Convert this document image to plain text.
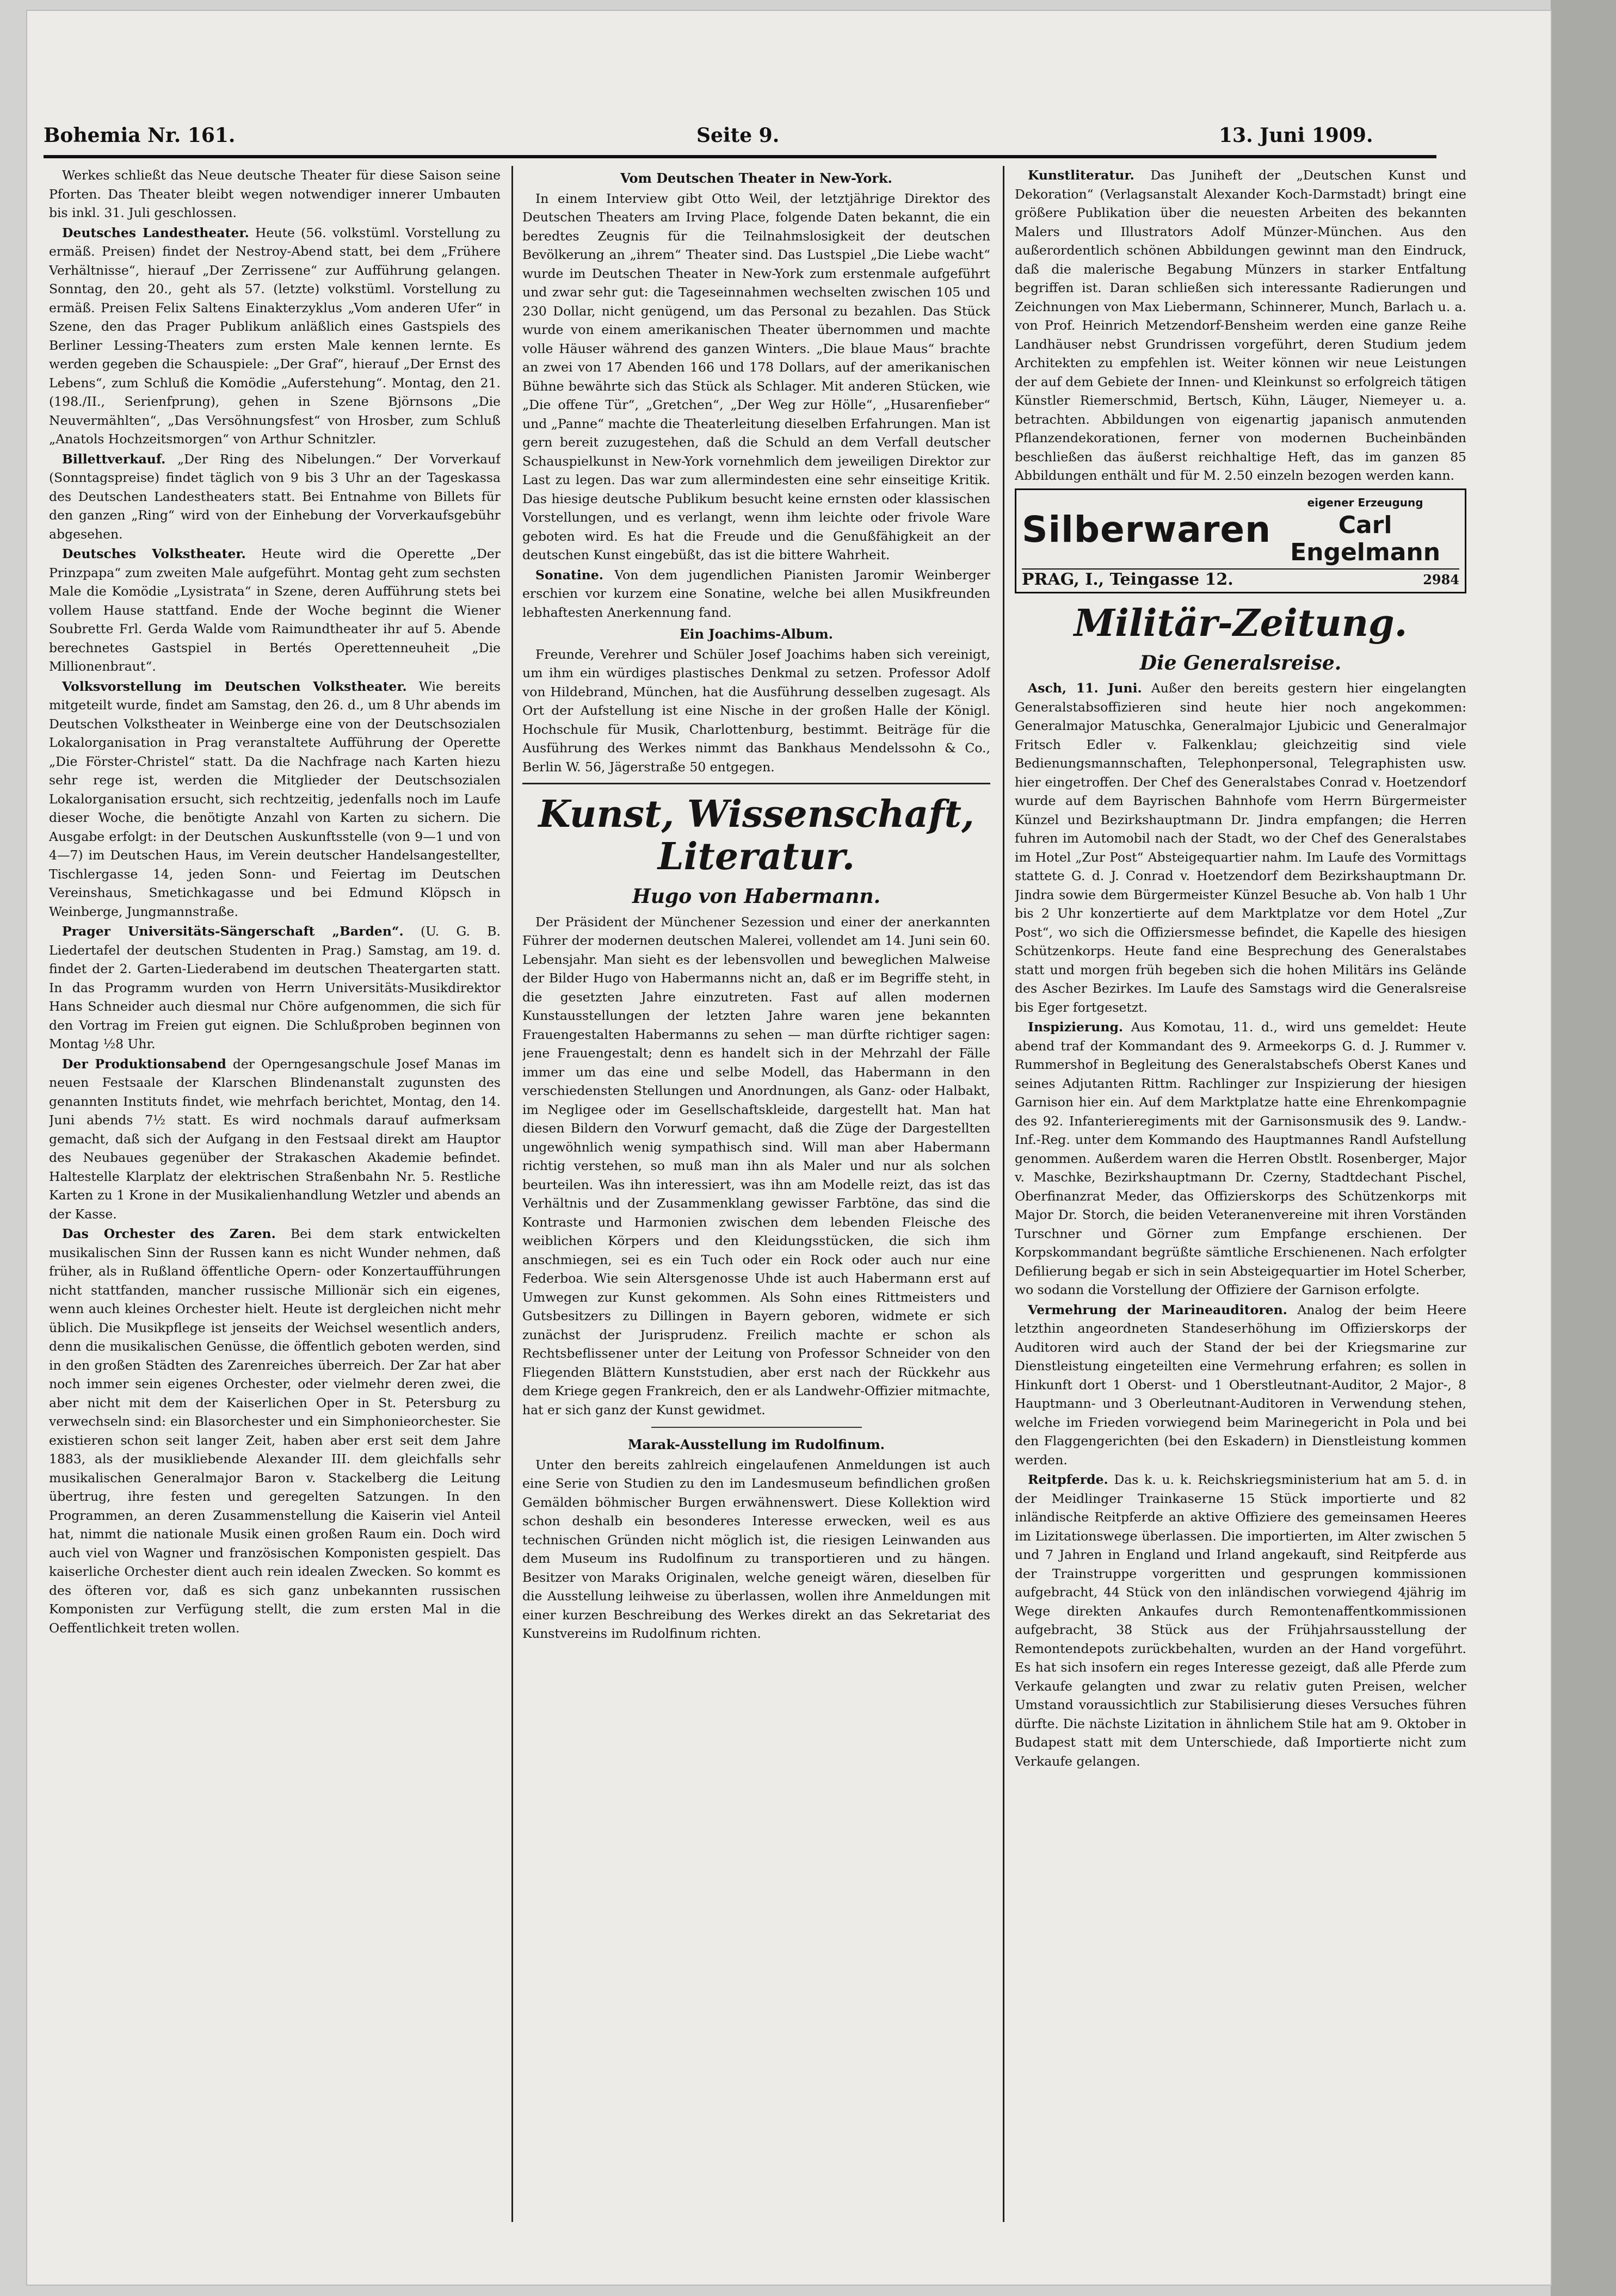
Bohemia Nr. 161.	Seite 9.	13. Juni 1909.

Werkes schließt das Neue deutsche Theater für diese Saison seine Pforten. Das Theater bleibt wegen notwendiger innerer Umbauten bis inkl. 31. Juli geschlossen.

Deutsches Landestheater. Heute (56. volkstüml. Vorstellung zu ermäß. Preisen) findet der Nestroy-Abend statt, bei dem „Frühere Verhältnisse“, hierauf „Der Zerrissene“ zur Aufführung gelangen. Sonntag, den 20., geht als 57. (letzte) volkstüml. Vorstellung zu ermäß. Preisen Felix Saltens Einakterzyklus „Vom anderen Ufer“ in Szene, den das Prager Publikum anläßlich eines Gastspiels des Berliner Lessing-Theaters zum ersten Male kennen lernte. Es werden gegeben die Schauspiele: „Der Graf“, hierauf „Der Ernst des Lebens“, zum Schluß die Komödie „Auferstehung“. Montag, den 21. (198./II., Serienfprung), gehen in Szene Björnsons „Die Neuvermählten“, „Das Versöhnungsfest“ von Hrosber, zum Schluß „Anatols Hochzeitsmorgen“ von Arthur Schnitzler.

Billettverkauf. „Der Ring des Nibelungen.“ Der Vorverkauf (Sonntagspreise) findet täglich von 9 bis 3 Uhr an der Tageskassa des Deutschen Landestheaters statt. Bei Entnahme von Billets für den ganzen „Ring“ wird von der Einhebung der Vorverkaufsgebühr abgesehen.

Deutsches Volkstheater. Heute wird die Operette „Der Prinzpapa“ zum zweiten Male aufgeführt. Montag geht zum sechsten Male die Komödie „Lysistrata“ in Szene, deren Aufführung stets bei vollem Hause stattfand. Ende der Woche beginnt die Wiener Soubrette Frl. Gerda Walde vom Raimundtheater ihr auf 5. Abende berechnetes Gastspiel in Bertés Operettenneuheit „Die Millionenbraut“.

Volksvorstellung im Deutschen Volkstheater. Wie bereits mitgeteilt wurde, findet am Samstag, den 26. d., um 8 Uhr abends im Deutschen Volkstheater in Weinberge eine von der Deutschsozialen Lokalorganisation in Prag veranstaltete Aufführung der Operette „Die Förster-Christel“ statt. Da die Nachfrage nach Karten hiezu sehr rege ist, werden die Mitglieder der Deutschsozialen Lokalorganisation ersucht, sich rechtzeitig, jedenfalls noch im Laufe dieser Woche, die benötigte Anzahl von Karten zu sichern. Die Ausgabe erfolgt: in der Deutschen Auskunftsstelle (von 9—1 und von 4—7) im Deutschen Haus, im Verein deutscher Handelsangestellter, Tischlergasse 14, jeden Sonn- und Feiertag im Deutschen Vereinshaus, Smetichkagasse und bei Edmund Klöpsch in Weinberge, Jungmannstraße.

Prager Universitäts-Sängerschaft „Barden“. (U. G. B. Liedertafel der deutschen Studenten in Prag.) Samstag, am 19. d. findet der 2. Garten-Liederabend im deutschen Theatergarten statt. In das Programm wurden von Herrn Universitäts-Musikdirektor Hans Schneider auch diesmal nur Chöre aufgenommen, die sich für den Vortrag im Freien gut eignen. Die Schlußproben beginnen von Montag ½8 Uhr.

Der Produktionsabend der Operngesangschule Josef Manas im neuen Festsaale der Klarschen Blindenanstalt zugunsten des genannten Instituts findet, wie mehrfach berichtet, Montag, den 14. Juni abends 7½ statt. Es wird nochmals darauf aufmerksam gemacht, daß sich der Aufgang in den Festsaal direkt am Hauptor des Neubaues gegenüber der Strakaschen Akademie befindet. Haltestelle Klarplatz der elektrischen Straßenbahn Nr. 5. Restliche Karten zu 1 Krone in der Musikalienhandlung Wetzler und abends an der Kasse.

Das Orchester des Zaren. Bei dem stark entwickelten musikalischen Sinn der Russen kann es nicht Wunder nehmen, daß früher, als in Rußland öffentliche Opern- oder Konzertaufführungen nicht stattfanden, mancher russische Millionär sich ein eigenes, wenn auch kleines Orchester hielt. Heute ist dergleichen nicht mehr üblich. Die Musikpflege ist jenseits der Weichsel wesentlich anders, denn die musikalischen Genüsse, die öffentlich geboten werden, sind in den großen Städten des Zarenreiches überreich. Der Zar hat aber noch immer sein eigenes Orchester, oder vielmehr deren zwei, die aber nicht mit dem der Kaiserlichen Oper in St. Petersburg zu verwechseln sind: ein Blasorchester und ein Simphonieorchester. Sie existieren schon seit langer Zeit, haben aber erst seit dem Jahre 1883, als der musikliebende Alexander III. dem gleichfalls sehr musikalischen Generalmajor Baron v. Stackelberg die Leitung übertrug, ihre festen und geregelten Satzungen. In den Programmen, an deren Zusammenstellung die Kaiserin viel Anteil hat, nimmt die nationale Musik einen großen Raum ein. Doch wird auch viel von Wagner und französischen Komponisten gespielt. Das kaiserliche Orchester dient auch rein idealen Zwecken. So kommt es des öfteren vor, daß es sich ganz unbekannten russischen Komponisten zur Verfügung stellt, die zum ersten Mal in die Oeffentlichkeit treten wollen.

Vom Deutschen Theater in New-York.

In einem Interview gibt Otto Weil, der letztjährige Direktor des Deutschen Theaters am Irving Place, folgende Daten bekannt, die ein beredtes Zeugnis für die Teilnahmslosigkeit der deutschen Bevölkerung an „ihrem“ Theater sind. Das Lustspiel „Die Liebe wacht“ wurde im Deutschen Theater in New-York zum erstenmale aufgeführt und zwar sehr gut: die Tageseinnahmen wechselten zwischen 105 und 230 Dollar, nicht genügend, um das Personal zu bezahlen. Das Stück wurde von einem amerikanischen Theater übernommen und machte volle Häuser während des ganzen Winters. „Die blaue Maus“ brachte an zwei von 17 Abenden 166 und 178 Dollars, auf der amerikanischen Bühne bewährte sich das Stück als Schlager. Mit anderen Stücken, wie „Die offene Tür“, „Gretchen“, „Der Weg zur Hölle“, „Husarenfieber“ und „Panne“ machte die Theaterleitung dieselben Erfahrungen. Man ist gern bereit zuzugestehen, daß die Schuld an dem Verfall deutscher Schauspielkunst in New-York vornehmlich dem jeweiligen Direktor zur Last zu legen. Das war zum allermindesten eine sehr einseitige Kritik. Das hiesige deutsche Publikum besucht keine ernsten oder klassischen Vorstellungen, und es verlangt, wenn ihm leichte oder frivole Ware geboten wird. Es hat die Freude und die Genußfähigkeit an der deutschen Kunst eingebüßt, das ist die bittere Wahrheit.

Sonatine. Von dem jugendlichen Pianisten Jaromir Weinberger erschien vor kurzem eine Sonatine, welche bei allen Musikfreunden lebhaftesten Anerkennung fand.

Ein Joachims-Album.

Freunde, Verehrer und Schüler Josef Joachims haben sich vereinigt, um ihm ein würdiges plastisches Denkmal zu setzen. Professor Adolf von Hildebrand, München, hat die Ausführung desselben zugesagt. Als Ort der Aufstellung ist eine Nische in der großen Halle der Königl. Hochschule für Musik, Charlottenburg, bestimmt. Beiträge für die Ausführung des Werkes nimmt das Bankhaus Mendelssohn & Co., Berlin W. 56, Jägerstraße 50 entgegen.

Kunst, Wissenschaft, Literatur.
Hugo von Habermann.

Der Präsident der Münchener Sezession und einer der anerkannten Führer der modernen deutschen Malerei, vollendet am 14. Juni sein 60. Lebensjahr. Man sieht es der lebensvollen und beweglichen Malweise der Bilder Hugo von Habermanns nicht an, daß er im Begriffe steht, in die gesetzten Jahre einzutreten. Fast auf allen modernen Kunstausstellungen der letzten Jahre waren jene bekannten Frauengestalten Habermanns zu sehen — man dürfte richtiger sagen: jene Frauengestalt; denn es handelt sich in der Mehrzahl der Fälle immer um das eine und selbe Modell, das Habermann in den verschiedensten Stellungen und Anordnungen, als Ganz- oder Halbakt, im Negligee oder im Gesellschaftskleide, dargestellt hat. Man hat diesen Bildern den Vorwurf gemacht, daß die Züge der Dargestellten ungewöhnlich wenig sympathisch sind. Will man aber Habermann richtig verstehen, so muß man ihn als Maler und nur als solchen beurteilen. Was ihn interessiert, was ihn am Modelle reizt, das ist das Verhältnis und der Zusammenklang gewisser Farbtöne, das sind die Kontraste und Harmonien zwischen dem lebenden Fleische des weiblichen Körpers und den Kleidungsstücken, die sich ihm anschmiegen, sei es ein Tuch oder ein Rock oder auch nur eine Federboa. Wie sein Altersgenosse Uhde ist auch Habermann erst auf Umwegen zur Kunst gekommen. Als Sohn eines Rittmeisters und Gutsbesitzers zu Dillingen in Bayern geboren, widmete er sich zunächst der Jurisprudenz. Freilich machte er schon als Rechtsbeflissener unter der Leitung von Professor Schneider von den Fliegenden Blättern Kunststudien, aber erst nach der Rückkehr aus dem Kriege gegen Frankreich, den er als Landwehr-Offizier mitmachte, hat er sich ganz der Kunst gewidmet.

Marak-Ausstellung im Rudolfinum.

Unter den bereits zahlreich eingelaufenen Anmeldungen ist auch eine Serie von Studien zu den im Landesmuseum befindlichen großen Gemälden böhmischer Burgen erwähnenswert. Diese Kollektion wird schon deshalb ein besonderes Interesse erwecken, weil es aus technischen Gründen nicht möglich ist, die riesigen Leinwanden aus dem Museum ins Rudolfinum zu transportieren und zu hängen. Besitzer von Maraks Originalen, welche geneigt wären, dieselben für die Ausstellung leihweise zu überlassen, wollen ihre Anmeldungen mit einer kurzen Beschreibung des Werkes direkt an das Sekretariat des Kunstvereins im Rudolfinum richten.

Kunstliteratur. Das Juniheft der „Deutschen Kunst und Dekoration“ (Verlagsanstalt Alexander Koch-Darmstadt) bringt eine größere Publikation über die neuesten Arbeiten des bekannten Malers und Illustrators Adolf Münzer-München. Aus den außerordentlich schönen Abbildungen gewinnt man den Eindruck, daß die malerische Begabung Münzers in starker Entfaltung begriffen ist. Daran schließen sich interessante Radierungen und Zeichnungen von Max Liebermann, Schinnerer, Munch, Barlach u. a. von Prof. Heinrich Metzendorf-Bensheim werden eine ganze Reihe Landhäuser nebst Grundrissen vorgeführt, deren Studium jedem Architekten zu empfehlen ist. Weiter können wir neue Leistungen der auf dem Gebiete der Innen- und Kleinkunst so erfolgreich tätigen Künstler Riemerschmid, Bertsch, Kühn, Läuger, Niemeyer u. a. betrachten. Abbildungen von eigenartig japanisch anmutenden Pflanzendekorationen, ferner von modernen Bucheinbänden beschließen das äußerst reichhaltige Heft, das im ganzen 85 Abbildungen enthält und für M. 2.50 einzeln bezogen werden kann.

Silberwaren
eigener Erzeugung
Carl Engelmann
PRAG, I., Teingasse 12.	2984
Militär-Zeitung.
Die Generalsreise.

Asch, 11. Juni. Außer den bereits gestern hier eingelangten Generalstabsoffizieren sind heute hier noch angekommen: Generalmajor Matuschka, Generalmajor Ljubicic und Generalmajor Fritsch Edler v. Falkenklau; gleichzeitig sind viele Bedienungsmannschaften, Telephonpersonal, Telegraphisten usw. hier eingetroffen. Der Chef des Generalstabes Conrad v. Hoetzendorf wurde auf dem Bayrischen Bahnhofe vom Herrn Bürgermeister Künzel und Bezirkshauptmann Dr. Jindra empfangen; die Herren fuhren im Automobil nach der Stadt, wo der Chef des Generalstabes im Hotel „Zur Post“ Absteigequartier nahm. Im Laufe des Vormittags stattete G. d. J. Conrad v. Hoetzendorf dem Bezirkshauptmann Dr. Jindra sowie dem Bürgermeister Künzel Besuche ab. Von halb 1 Uhr bis 2 Uhr konzertierte auf dem Marktplatze vor dem Hotel „Zur Post“, wo sich die Offiziersmesse befindet, die Kapelle des hiesigen Schützenkorps. Heute fand eine Besprechung des Generalstabes statt und morgen früh begeben sich die hohen Militärs ins Gelände des Ascher Bezirkes. Im Laufe des Samstags wird die Generalsreise bis Eger fortgesetzt.

Inspizierung. Aus Komotau, 11. d., wird uns gemeldet: Heute abend traf der Kommandant des 9. Armeekorps G. d. J. Rummer v. Rummershof in Begleitung des Generalstabschefs Oberst Kanes und seines Adjutanten Rittm. Rachlinger zur Inspizierung der hiesigen Garnison hier ein. Auf dem Marktplatze hatte eine Ehrenkompagnie des 92. Infanterieregiments mit der Garnisonsmusik des 9. Landw.-Inf.-Reg. unter dem Kommando des Hauptmannes Randl Aufstellung genommen. Außerdem waren die Herren Obstlt. Rosenberger, Major v. Maschke, Bezirkshauptmann Dr. Czerny, Stadtdechant Pischel, Oberfinanzrat Meder, das Offizierskorps des Schützenkorps mit Major Dr. Storch, die beiden Veteranenvereine mit ihren Vorständen Turschner und Görner zum Empfange erschienen. Der Korpskommandant begrüßte sämtliche Erschienenen. Nach erfolgter Defilierung begab er sich in sein Absteigequartier im Hotel Scherber, wo sodann die Vorstellung der Offiziere der Garnison erfolgte.

Vermehrung der Marineauditoren. Analog der beim Heere letzthin angeordneten Standeserhöhung im Offizierskorps der Auditoren wird auch der Stand der bei der Kriegsmarine zur Dienstleistung eingeteilten eine Vermehrung erfahren; es sollen in Hinkunft dort 1 Oberst- und 1 Oberstleutnant-Auditor, 2 Major-, 8 Hauptmann- und 3 Oberleutnant-Auditoren in Verwendung stehen, welche im Frieden vorwiegend beim Marinegericht in Pola und bei den Flaggengerichten (bei den Eskadern) in Dienstleistung kommen werden.

Reitpferde. Das k. u. k. Reichskriegsministerium hat am 5. d. in der Meidlinger Trainkaserne 15 Stück importierte und 82 inländische Reitpferde an aktive Offiziere des gemeinsamen Heeres im Lizitationswege überlassen. Die importierten, im Alter zwischen 5 und 7 Jahren in England und Irland angekauft, sind Reitpferde aus der Trainstruppe vorgeritten und gesprungen kommissionen aufgebracht, 44 Stück von den inländischen vorwiegend 4jährig im Wege direkten Ankaufes durch Remontenaffentkommissionen aufgebracht, 38 Stück aus der Frühjahrsausstellung der Remontendepots zurückbehalten, wurden an der Hand vorgeführt. Es hat sich insofern ein reges Interesse gezeigt, daß alle Pferde zum Verkaufe gelangten und zwar zu relativ guten Preisen, welcher Umstand voraussichtlich zur Stabilisierung dieses Versuches führen dürfte. Die nächste Lizitation in ähnlichem Stile hat am 9. Oktober in Budapest statt mit dem Unterschiede, daß Importierte nicht zum Verkaufe gelangen.
